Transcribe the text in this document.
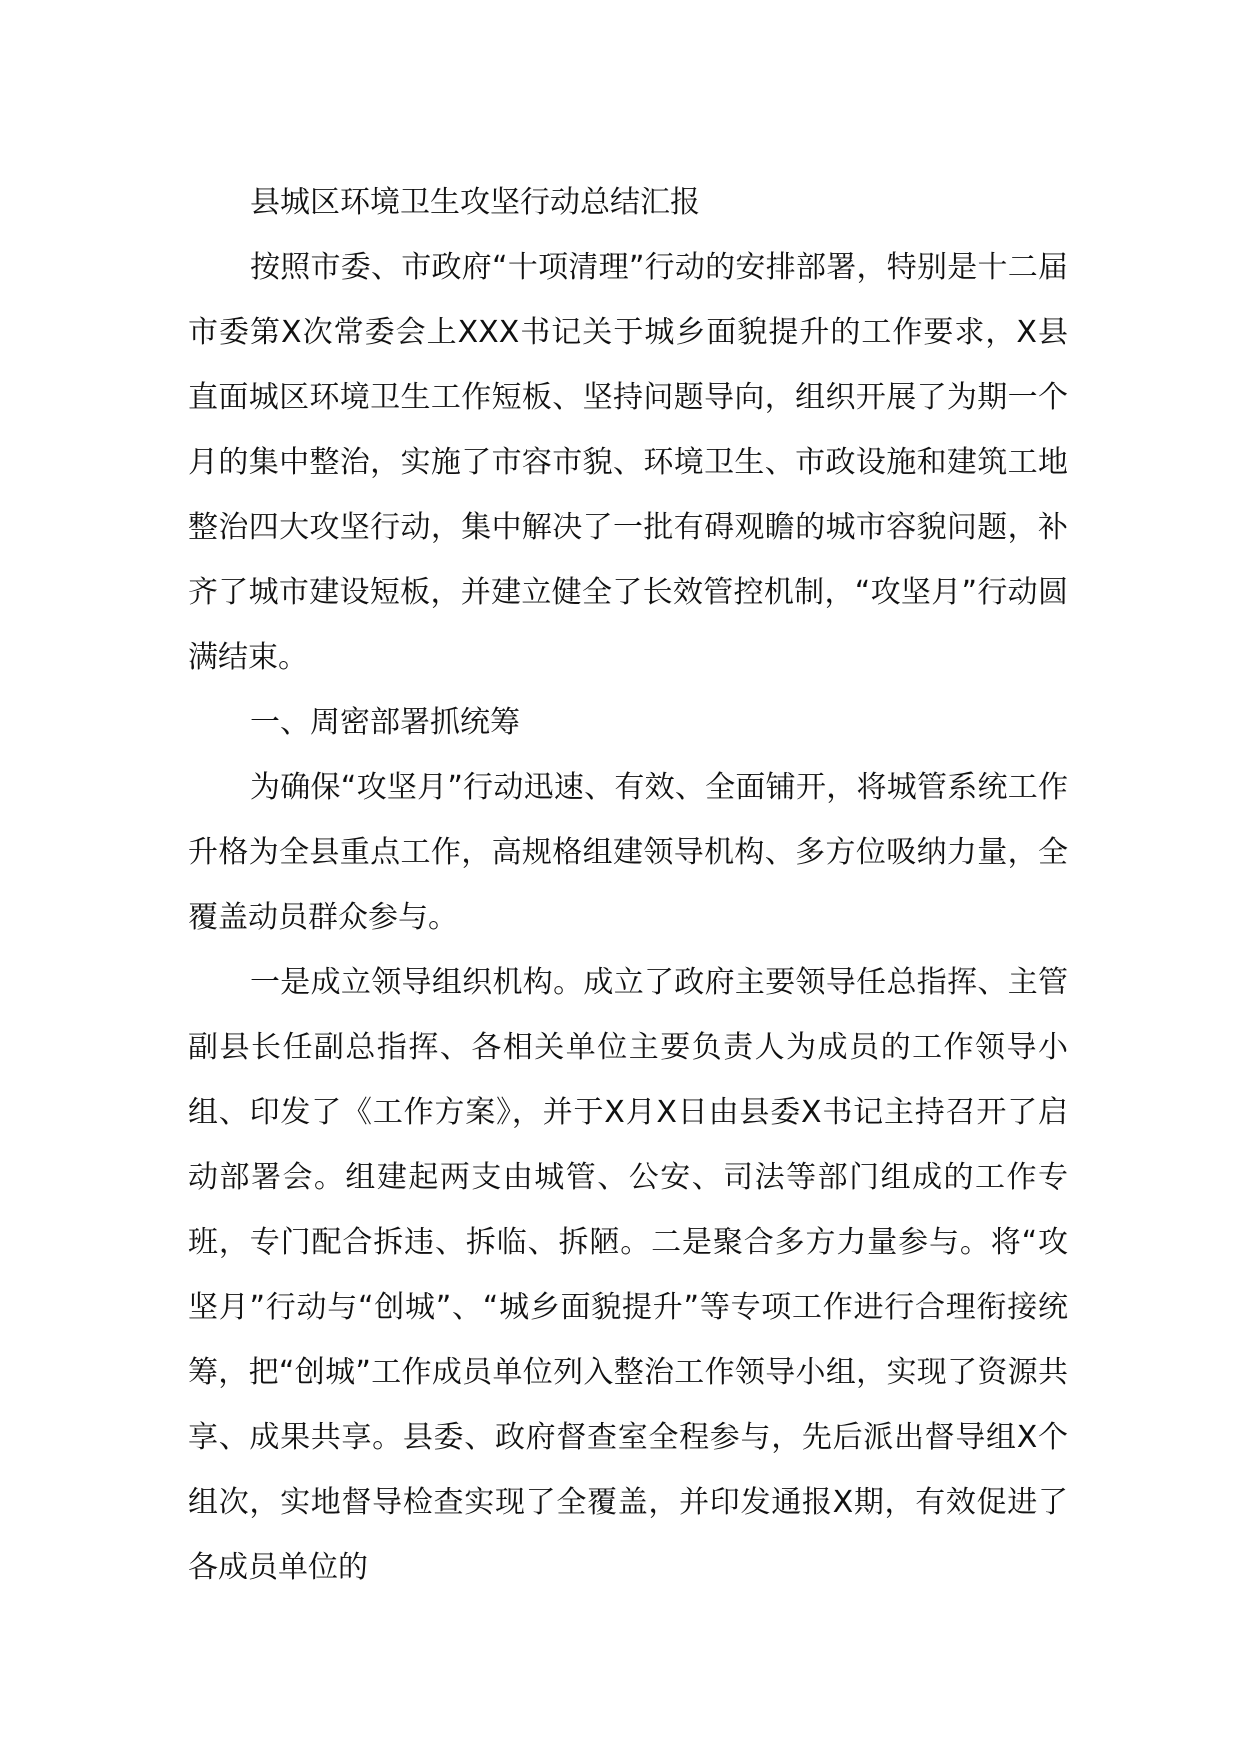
县城区环境卫生攻坚行动总结汇报

按照市委、市政府“十项清理”行动的安排部署，特别是十二届市委第X次常委会上XXX书记关于城乡面貌提升的工作要求，X县直面城区环境卫生工作短板、坚持问题导向，组织开展了为期一个月的集中整治，实施了市容市貌、环境卫生、市政设施和建筑工地整治四大攻坚行动，集中解决了一批有碍观瞻的城市容貌问题，补齐了城市建设短板，并建立健全了长效管控机制，“攻坚月”行动圆满结束。

一、周密部署抓统筹

为确保“攻坚月”行动迅速、有效、全面铺开，将城管系统工作升格为全县重点工作，高规格组建领导机构、多方位吸纳力量，全覆盖动员群众参与。

一是成立领导组织机构。成立了政府主要领导任总指挥、主管副县长任副总指挥、各相关单位主要负责人为成员的工作领导小组、印发了《工作方案》，并于X月X日由县委X书记主持召开了启动部署会。组建起两支由城管、公安、司法等部门组成的工作专班，专门配合拆违、拆临、拆陋。二是聚合多方力量参与。将“攻坚月”行动与“创城”、“城乡面貌提升”等专项工作进行合理衔接统筹，把“创城”工作成员单位列入整治工作领导小组，实现了资源共享、成果共享。县委、政府督查室全程参与，先后派出督导组X个组次，实地督导检查实现了全覆盖，并印发通报X期，有效促进了各成员单位的
